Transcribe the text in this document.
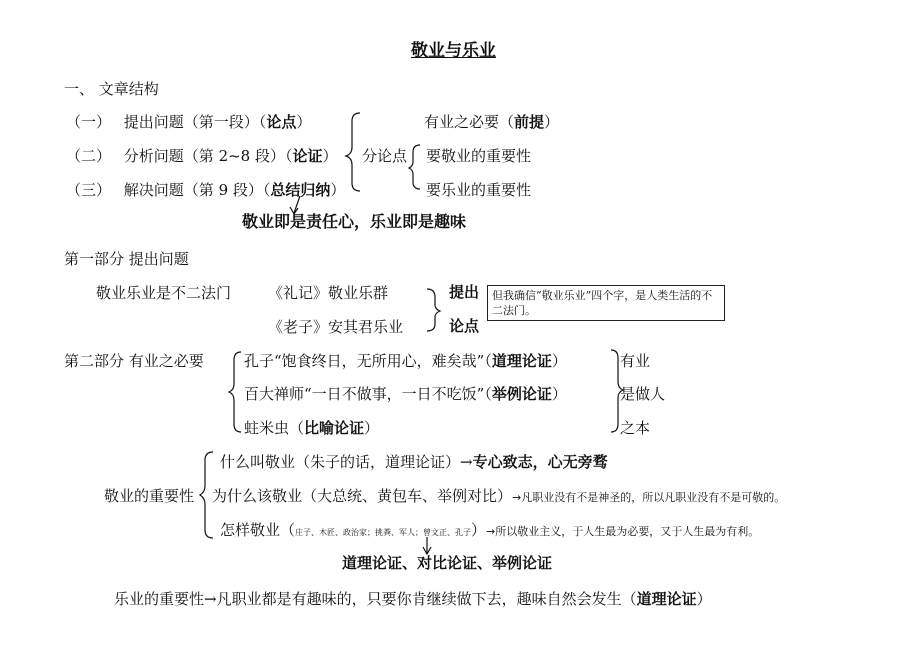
敬业与乐业
一、 文章结构
（一） 提出问题（第一段）（论点）
（二） 分析问题（第 2~8 段）（论证）
（三） 解决问题（第 9 段）（总结归纳）
分论点
有业之必要（前提）
要敬业的重要性
要乐业的重要性
敬业即是责任心，乐业即是趣味
第一部分 提出问题
敬业乐业是不二法门 《礼记》敬业乐群
《老子》安其君乐业
提出
论点
但我确信“敬业乐业”四个字，是人类生活的不二法门。
第二部分 有业之必要	孔子“饱食终日，无所用心，难矣哉”（道理论证）
百大禅师“一日不做事，一日不吃饭”（举例论证）
蛀米虫（比喻论证）
有业
是做人
之本
敬业的重要性
什么叫敬业（朱子的话，道理论证）→专心致志，心无旁骛
为什么该敬业（大总统、黄包车、举例对比）→凡职业没有不是神圣的，所以凡职业没有不是可敬的。
怎样敬业（庄子、木匠、政治家；挑粪、军人；曾文正、孔子）→所以敬业主义，于人生最为必要，又于人生最为有利。
道理论证、对比论证、举例论证
乐业的重要性→凡职业都是有趣味的，只要你肯继续做下去，趣味自然会发生（道理论证）
